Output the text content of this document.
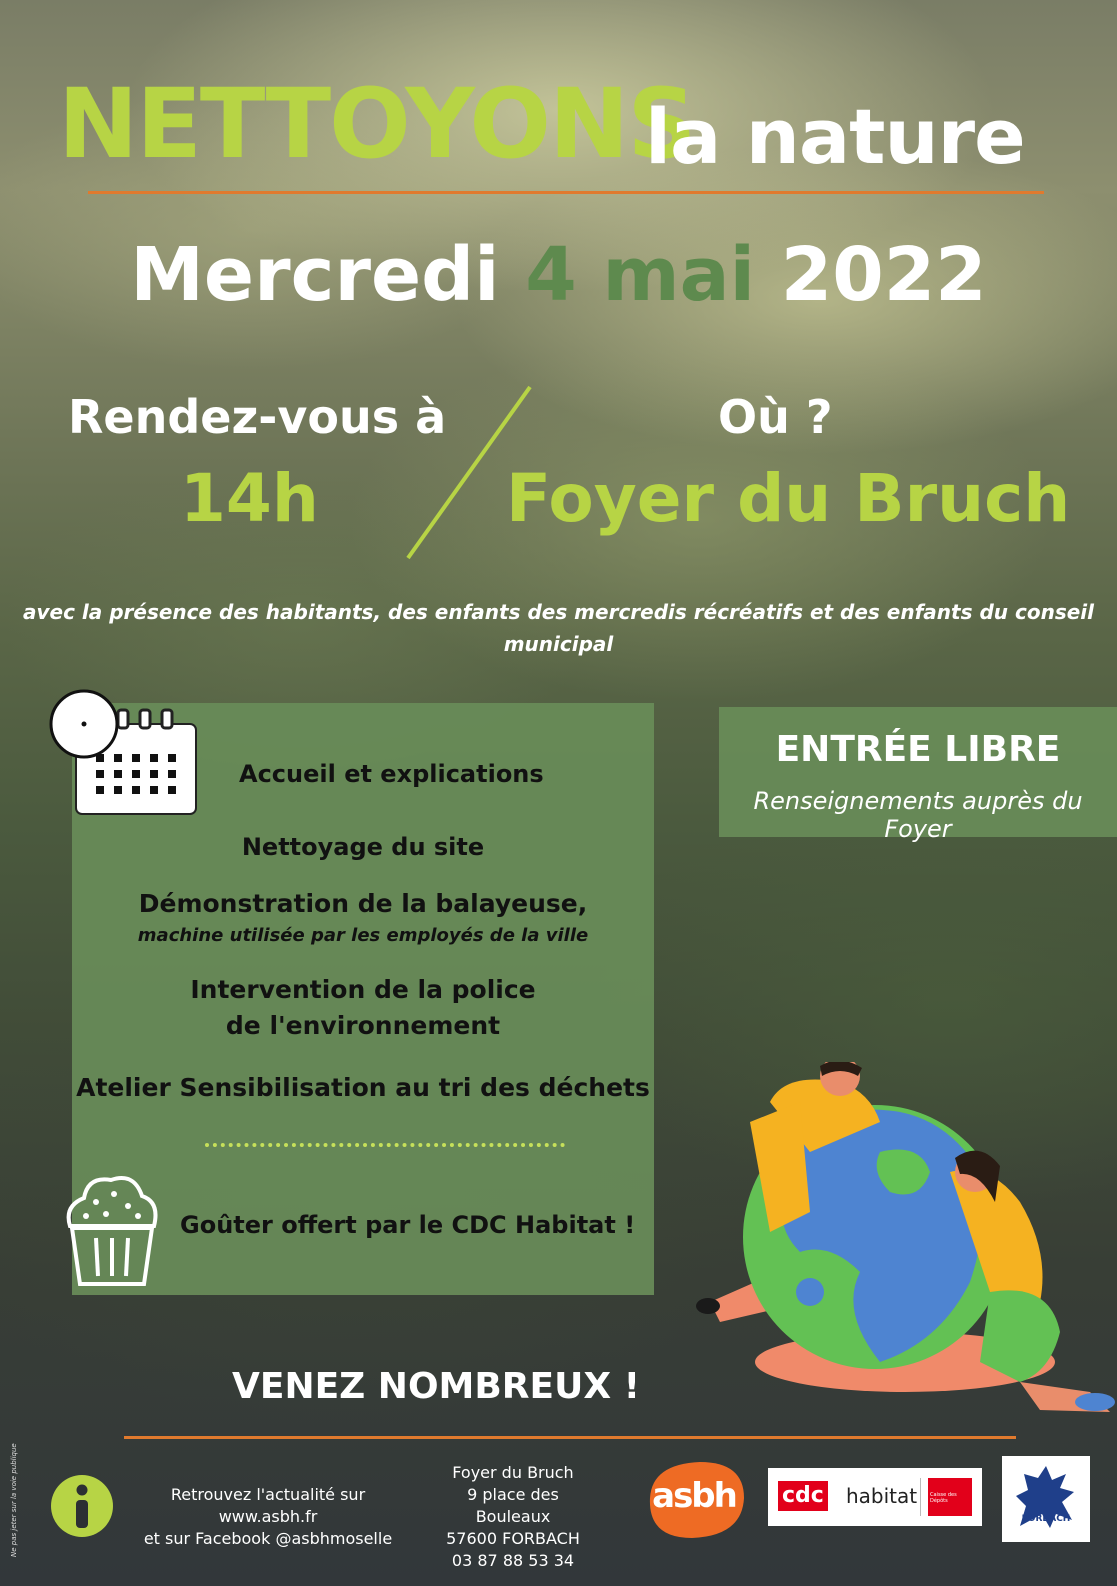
NETTOYONS
la nature

Mercredi 4 mai 2022

Rendez-vous à

14h

Où ?

Foyer du Bruch

avec la présence des habitants, des enfants des mercredis récréatifs et des enfants du conseil municipal

Accueil et explications

Nettoyage du site

Démonstration de la balayeuse,

machine utilisée par les employés de la ville

Intervention de la police

de l'environnement

Atelier Sensibilisation au tri des déchets

Goûter offert par le CDC Habitat !

ENTRÉE LIBRE

Renseignements auprès du Foyer

VENEZ NOMBREUX !

Ne pas jeter sur la voie publique	Retrouvez l'actualité sur www.asbh.fr
et sur Facebook @asbhmoselle

Foyer du Bruch
9 place des Bouleaux
57600 FORBACH
03 87 88 53 34

asbh	cdc habitat	Caisse des Dépôts
FORBACH
